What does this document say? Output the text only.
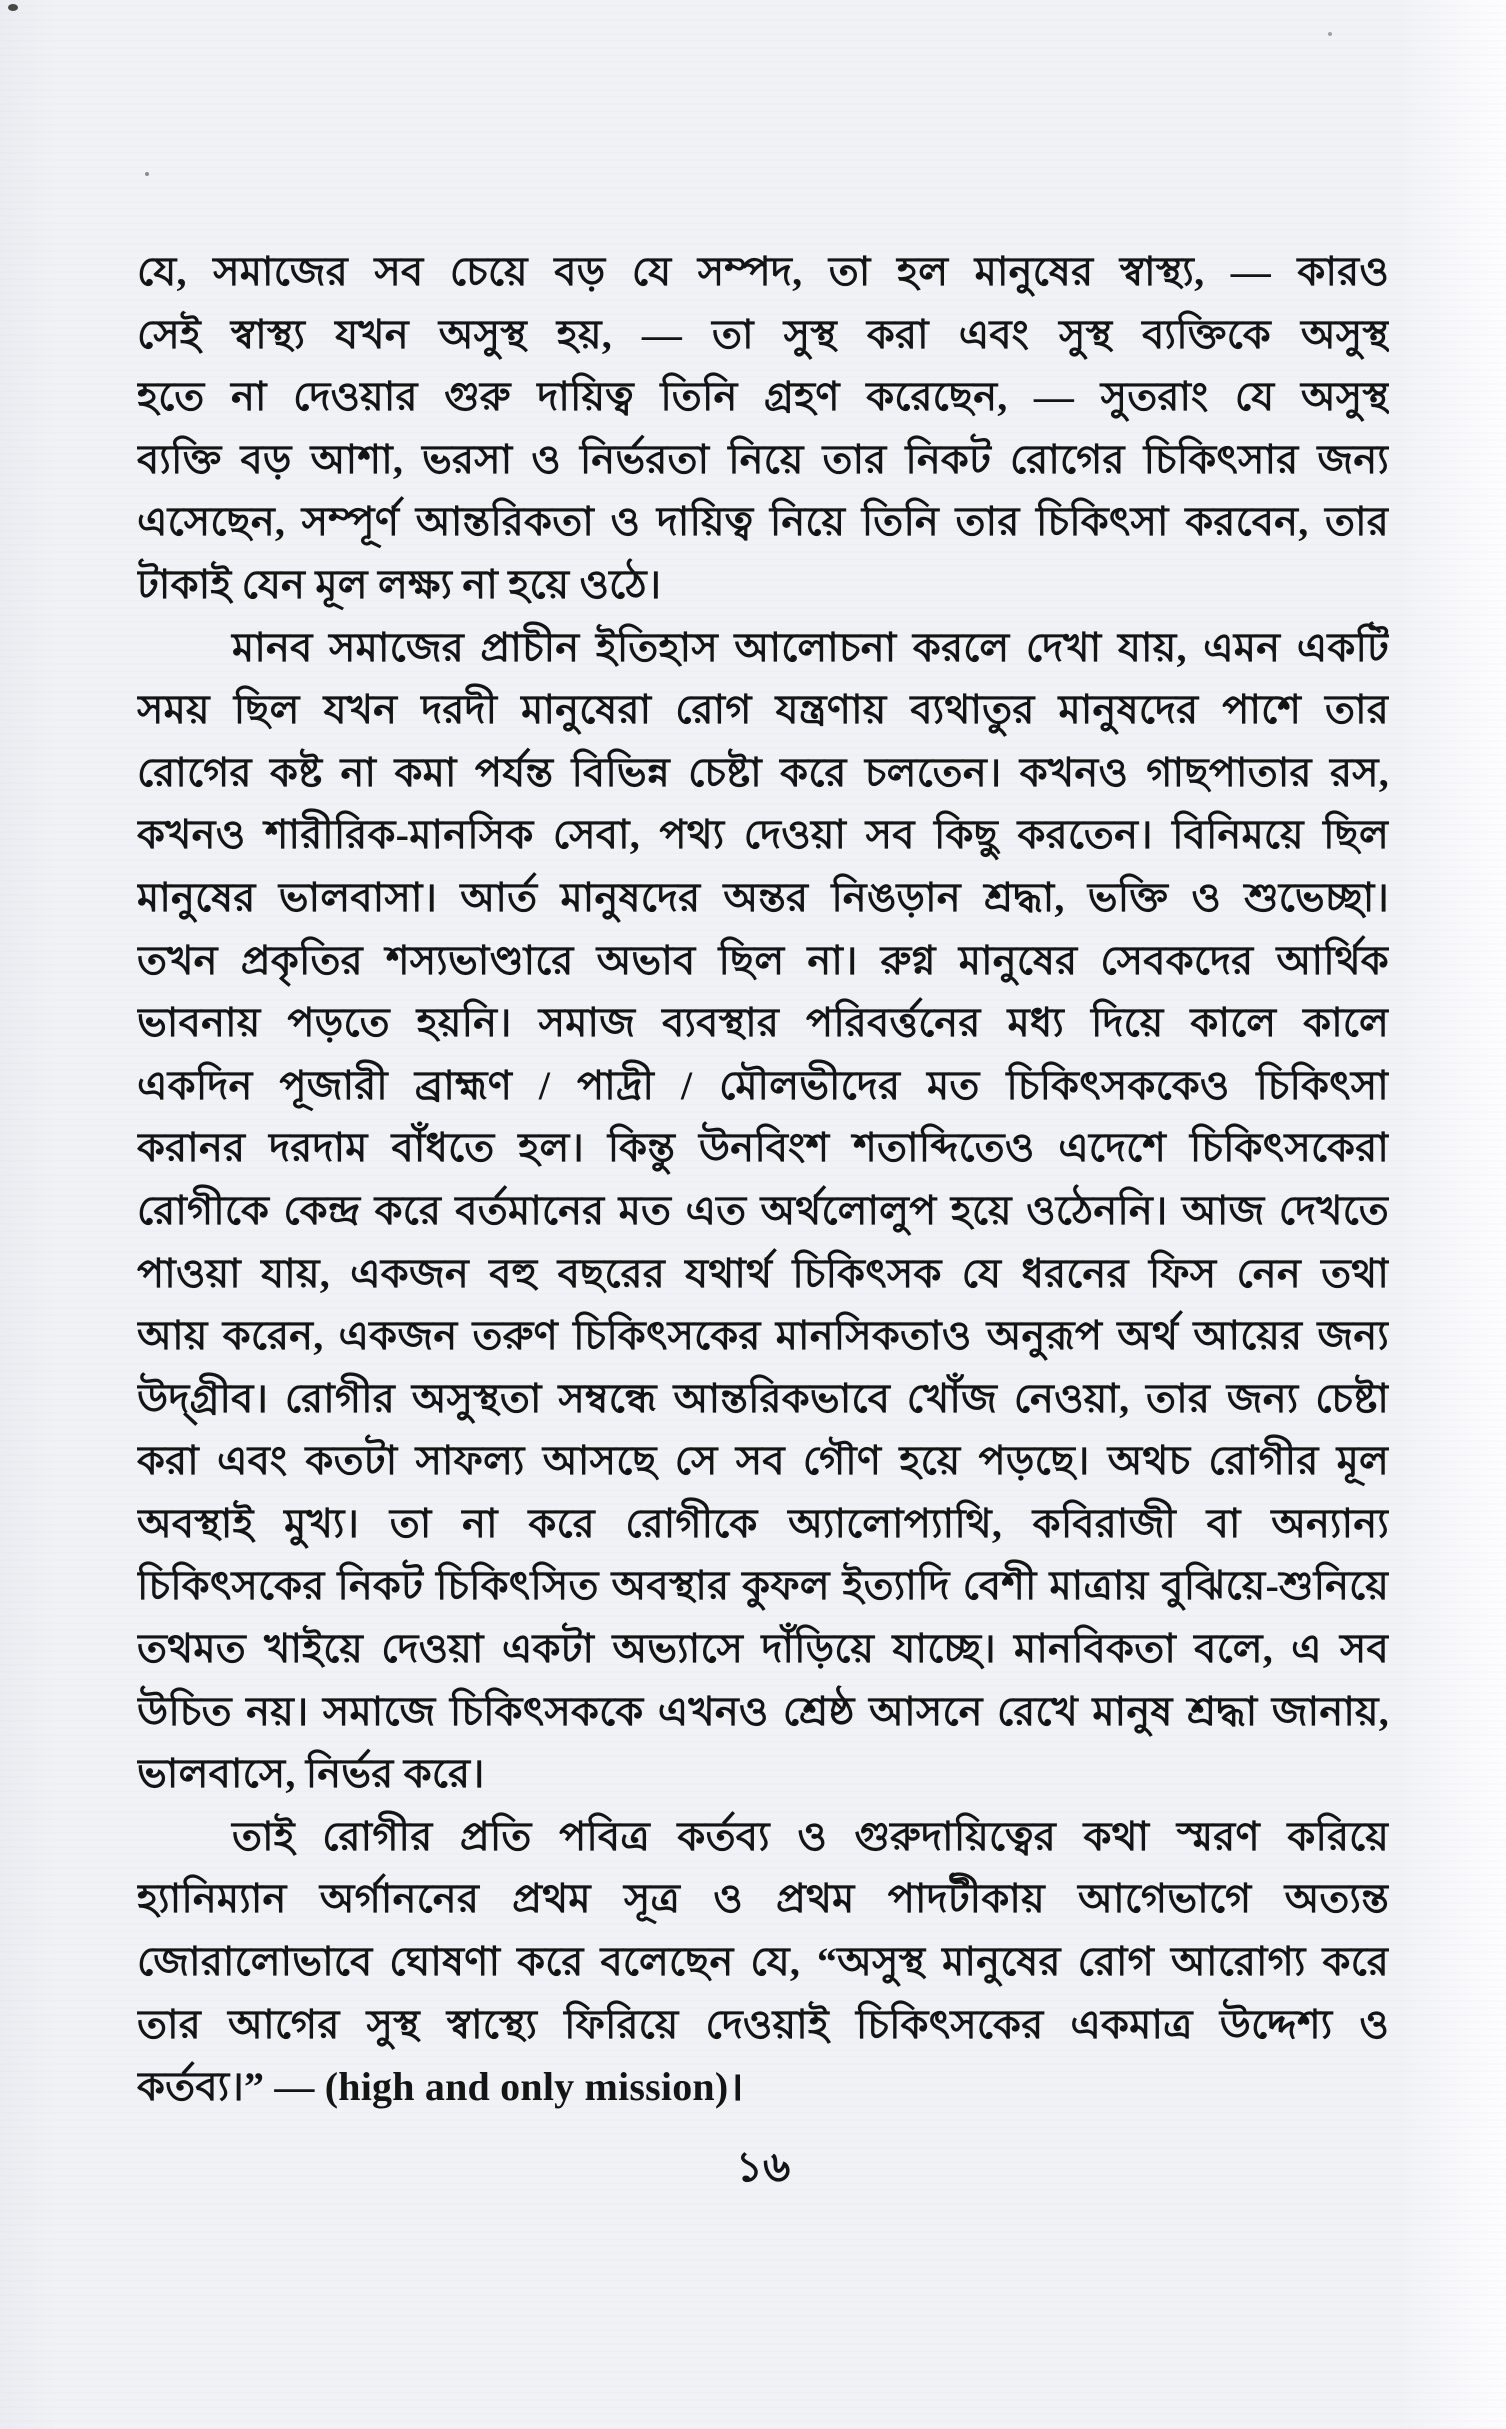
যে, সমাজের সব চেয়ে বড় যে সম্পদ, তা হল মানুষের স্বাস্থ্য, — কারও
সেই স্বাস্থ্য যখন অসুস্থ হয়, — তা সুস্থ করা এবং সুস্থ ব্যক্তিকে অসুস্থ
হতে না দেওয়ার গুরু দায়িত্ব তিনি গ্রহণ করেছেন, — সুতরাং যে অসুস্থ
ব্যক্তি বড় আশা, ভরসা ও নির্ভরতা নিয়ে তার নিকট রোগের চিকিৎসার জন্য
এসেছেন, সম্পূর্ণ আন্তরিকতা ও দায়িত্ব নিয়ে তিনি তার চিকিৎসা করবেন, তার
টাকাই যেন মূল লক্ষ্য না হয়ে ওঠে।
মানব সমাজের প্রাচীন ইতিহাস আলোচনা করলে দেখা যায়, এমন একটি
সময় ছিল যখন দরদী মানুষেরা রোগ যন্ত্রণায় ব্যথাতুর মানুষদের পাশে তার
রোগের কষ্ট না কমা পর্যন্ত বিভিন্ন চেষ্টা করে চলতেন। কখনও গাছপাতার রস,
কখনও শারীরিক-মানসিক সেবা, পথ্য দেওয়া সব কিছু করতেন। বিনিময়ে ছিল
মানুষের ভালবাসা। আর্ত মানুষদের অন্তর নিঙড়ান শ্রদ্ধা, ভক্তি ও শুভেচ্ছা।
তখন প্রকৃতির শস্যভাণ্ডারে অভাব ছিল না। রুগ্ন মানুষের সেবকদের আর্থিক
ভাবনায় পড়তে হয়নি। সমাজ ব্যবস্থার পরিবর্ত্তনের মধ্য দিয়ে কালে কালে
একদিন পূজারী ব্রাহ্মণ / পাদ্রী / মৌলভীদের মত চিকিৎসককেও চিকিৎসা
করানর দরদাম বাঁধতে হল। কিন্তু উনবিংশ শতাব্দিতেও এদেশে চিকিৎসকেরা
রোগীকে কেন্দ্র করে বর্তমানের মত এত অর্থলোলুপ হয়ে ওঠেননি। আজ দেখতে
পাওয়া যায়, একজন বহু বছরের যথার্থ চিকিৎসক যে ধরনের ফিস নেন তথা
আয় করেন, একজন তরুণ চিকিৎসকের মানসিকতাও অনুরূপ অর্থ আয়ের জন্য
উদ্‌গ্রীব। রোগীর অসুস্থতা সম্বন্ধে আন্তরিকভাবে খোঁজ নেওয়া, তার জন্য চেষ্টা
করা এবং কতটা সাফল্য আসছে সে সব গৌণ হয়ে পড়ছে। অথচ রোগীর মূল
অবস্থাই মুখ্য। তা না করে রোগীকে অ্যালোপ্যাথি, কবিরাজী বা অন্যান্য
চিকিৎসকের নিকট চিকিৎসিত অবস্থার কুফল ইত্যাদি বেশী মাত্রায় বুঝিয়ে-শুনিয়ে
তথমত খাইয়ে দেওয়া একটা অভ্যাসে দাঁড়িয়ে যাচ্ছে। মানবিকতা বলে, এ সব
উচিত নয়। সমাজে চিকিৎসককে এখনও শ্রেষ্ঠ আসনে রেখে মানুষ শ্রদ্ধা জানায়,
ভালবাসে, নির্ভর করে।
তাই রোগীর প্রতি পবিত্র কর্তব্য ও গুরুদায়িত্বের কথা স্মরণ করিয়ে
হ্যানিম্যান অর্গাননের প্রথম সূত্র ও প্রথম পাদটীকায় আগেভাগে অত্যন্ত
জোরালোভাবে ঘোষণা করে বলেছেন যে, “অসুস্থ মানুষের রোগ আরোগ্য করে
তার আগের সুস্থ স্বাস্থ্যে ফিরিয়ে দেওয়াই চিকিৎসকের একমাত্র উদ্দেশ্য ও
কর্তব্য।” — (high and only mission)।
১৬
